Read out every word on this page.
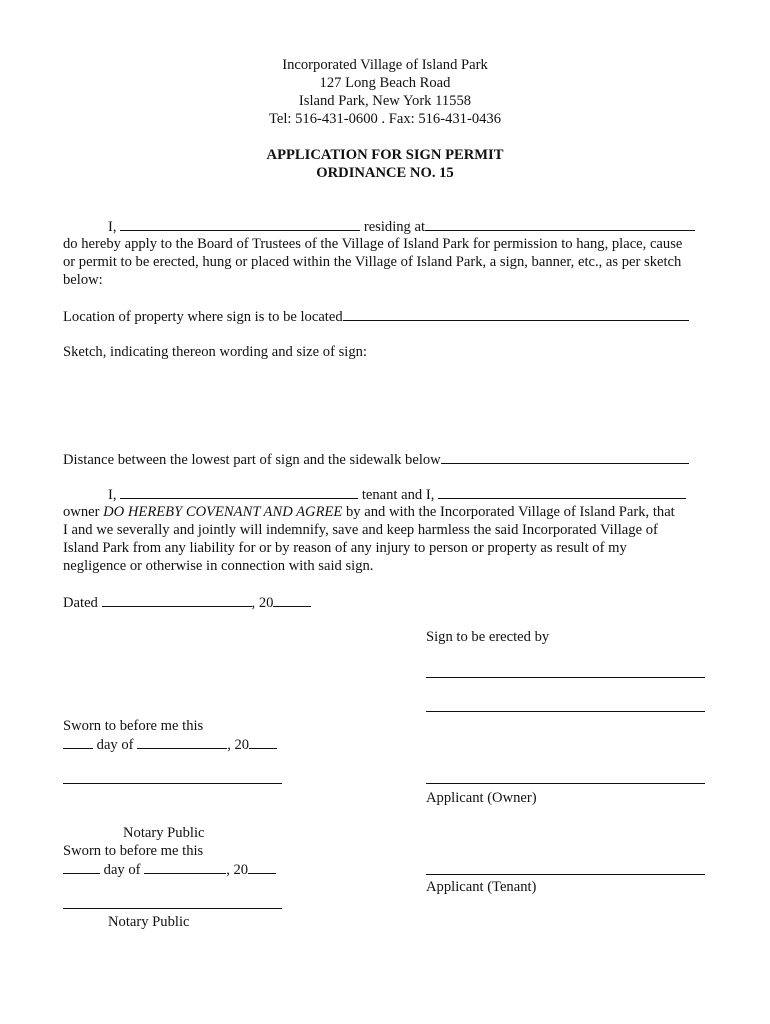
Incorporated Village of Island Park
127 Long Beach Road
Island Park, New York 11558
Tel: 516-431-0600 . Fax: 516-431-0436
APPLICATION FOR SIGN PERMIT
ORDINANCE NO. 15
I,	residing at
do hereby apply to the Board of Trustees of the Village of Island Park for permission to hang, place, cause
or permit to be erected, hung or placed within the Village of Island Park, a sign, banner, etc., as per sketch
below:
Location of property where sign is to be located
Sketch, indicating thereon wording and size of sign:
Distance between the lowest part of sign and the sidewalk below
I,	tenant and I,
owner DO HEREBY COVENANT AND AGREE by and with the Incorporated Village of Island Park, that
I and we severally and jointly will indemnify, save and keep harmless the said Incorporated Village of
Island Park from any liability for or by reason of any injury to person or property as result of my
negligence or otherwise in connection with said sign.
Dated	, 20
Sign to be erected by
Sworn to before me this
day of	, 20
Applicant (Owner)
Notary Public
Sworn to before me this
day of	, 20
Applicant (Tenant)
Notary Public
